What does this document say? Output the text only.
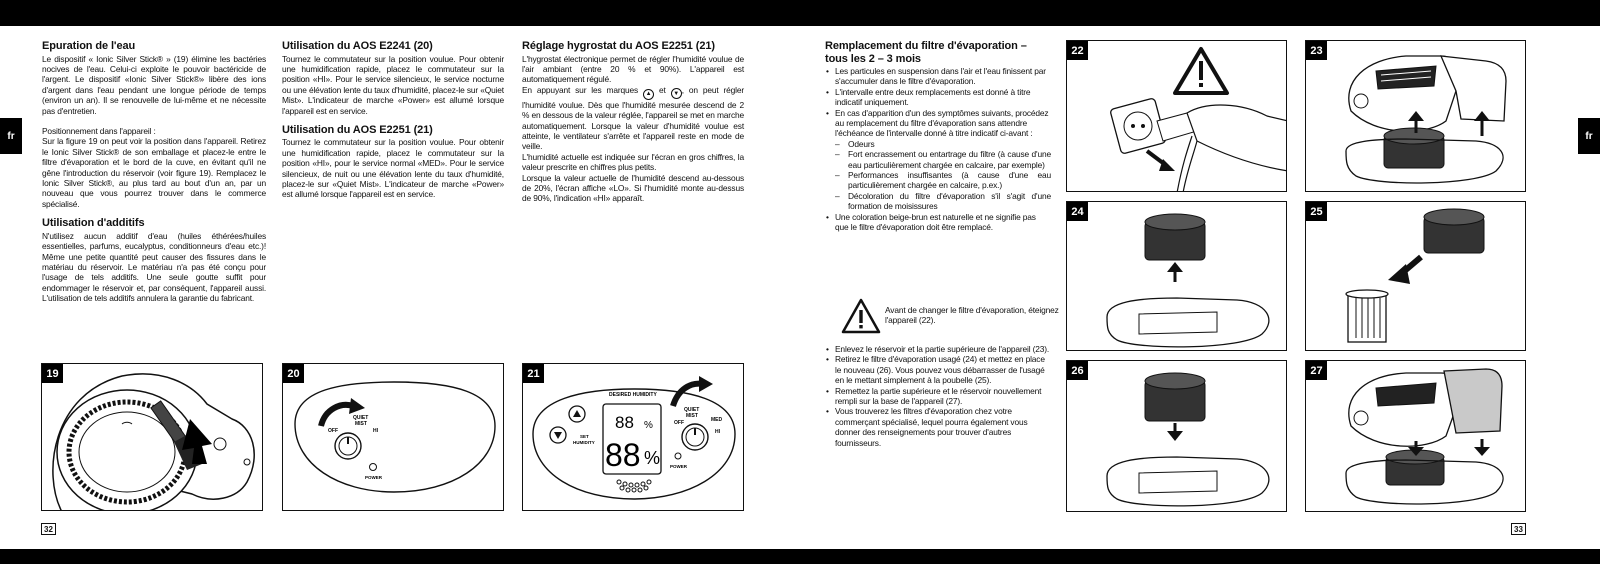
fr	fr
Epuration de l'eau

Le dispositif « Ionic Silver Stick® » (19) élimine les bactéries nocives de l'eau. Celui-ci exploite le pouvoir bactéricide de l'argent. Le dispositif «Ionic Silver Stick®» libère des ions d'argent dans l'eau pendant une longue période de temps (environ un an). Il se renouvelle de lui-même et ne nécessite pas d'entretien.

Positionnement dans l'appareil :

Sur la figure 19 on peut voir la position dans l'appareil. Retirez le Ionic Silver Stick® de son emballage et placez-le entre le filtre d'évaporation et le bord de la cuve, en évitant qu'il ne gêne l'introduction du réservoir (voir figure 19). Remplacez le Ionic Silver Stick®, au plus tard au bout d'un an, par un nouveau que vous pourrez trouver dans le commerce spécialisé.

Utilisation d'additifs

N'utilisez aucun additif d'eau (huiles éthérées/huiles essentielles, parfums, eucalyptus, conditionneurs d'eau etc.)! Même une petite quantité peut causer des fissures dans le matériau du réservoir. Le matériau n'a pas été conçu pour l'usage de tels additifs. Une seule goutte suffit pour endommager le réservoir et, par conséquent, l'appareil aussi. L'utilisation de tels additifs annulera la garantie du fabricant.

Utilisation du AOS E2241 (20)

Tournez le commutateur sur la position voulue. Pour obtenir une humidification rapide, placez le commutateur sur la position «HI». Pour le service silencieux, le service nocturne ou une élévation lente du taux d'humidité, placez-le sur «Quiet Mist». L'indicateur de marche «Power» est allumé lorsque l'appareil est en service.

Utilisation du AOS E2251 (21)

Tournez le commutateur sur la position voulue. Pour obtenir une humidification rapide, placez le commutateur sur la position «HI», pour le service normal «MED». Pour le service silencieux, de nuit ou une élévation lente du taux d'humidité, placez-le sur «Quiet Mist». L'indicateur de marche «Power» est allumé lorsque l'appareil est en service.

Réglage hygrostat du AOS E2251 (21)

L'hygrostat électronique permet de régler l'humidité voulue de l'air ambiant (entre 20 % et 90%). L'appareil est automatiquement régulé.

En appuyant sur les marques ▲ et ▼ , on peut régler l'humidité voulue. Dès que l'humidité mesurée descend de 2 % en dessous de la valeur réglée, l'appareil se met en marche automatiquement. Lorsque la valeur d'humidité voulue est atteinte, le ventilateur s'arrête et l'appareil reste en mode de veille.

L'humidité actuelle est indiquée sur l'écran en gros chiffres, la valeur prescrite en chiffres plus petits.

Lorsque la valeur actuelle de l'humidité descend au-dessous de 20%, l'écran affiche «LO». Si l'humidité monte au-dessus de 90%, l'indication «HI» apparaît.

19
QUIET
MIST
OFF	HI
POWER
20
DESIRED HUMIDITY
SET
HUMIDITY
88 %
88 %
QUIET
MIST
MED
OFF
HI
POWER
21
32
Remplacement du filtre d'évaporation –
tous les 2 – 3 mois
• Les particules en suspension dans l'air et l'eau finissent par s'accumuler dans le filtre d'évaporation.
• L'intervalle entre deux remplacements est donné à titre indicatif uniquement.
• En cas d'apparition d'un des symptômes suivants, procédez au remplacement du filtre d'évaporation sans attendre l'échéance de l'intervalle donné à titre indicatif ci-avant :
– Odeurs
– Fort encrassement ou entartrage du filtre (à cause d'une eau particulièrement chargée en calcaire, par exemple)
– Performances insuffisantes (à cause d'une eau particulièrement chargée en calcaire, p.ex.)
– Décoloration du filtre d'évaporation s'il s'agit d'une formation de moisissures
• Une coloration beige-brun est naturelle et ne signifie pas que le filtre d'évaporation doit être remplacé.
Avant de changer le filtre d'évaporation, éteignez l'appareil (22).
• Enlevez le réservoir et la partie supérieure de l'appareil (23).
• Retirez le filtre d'évaporation usagé (24) et mettez en place le nouveau (26). Vous pouvez vous débarrasser de l'usagé en le mettant simplement à la poubelle (25).
• Remettez la partie supérieure et le réservoir nouvellement rempli sur la base de l'appareil (27).
• Vous trouverez les filtres d'évaporation chez votre commerçant spécialisé, lequel pourra également vous donner des renseignements pour trouver d'autres fournisseurs.
22	23
24	25
26	27
33
